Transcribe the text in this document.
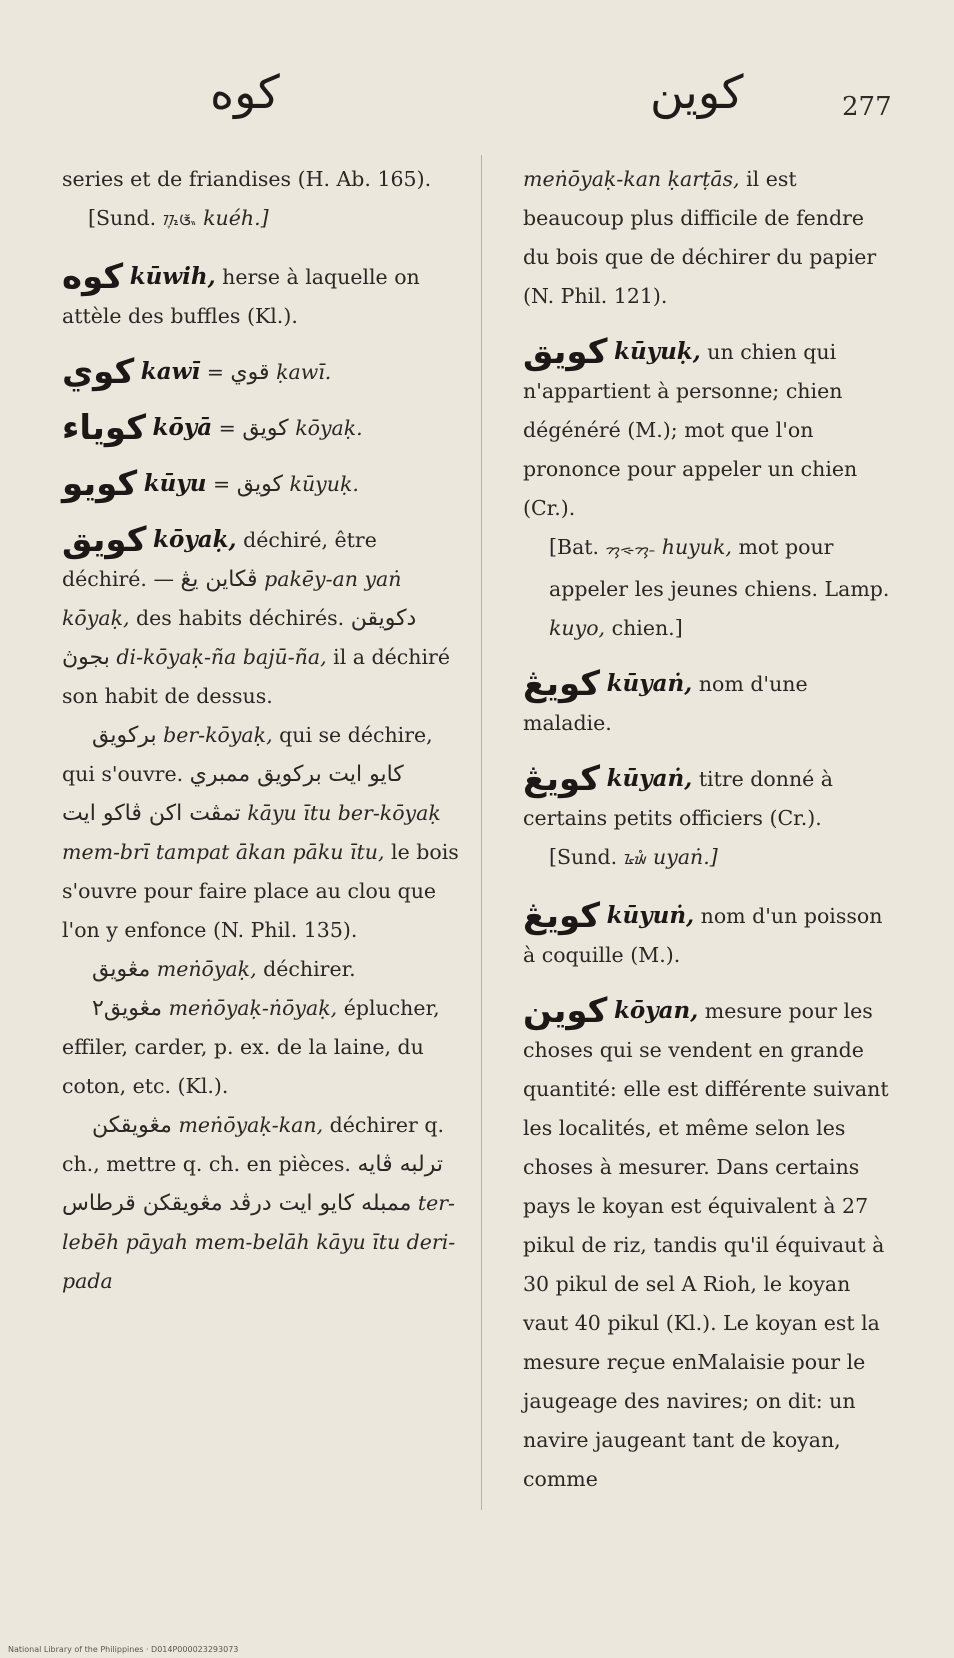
كوه	كوين	277

series et de friandises (H. Ab. 165).

[Sund. ᮊᮥᮉᮦᮂ kuéh.]

كوه kūwih, herse à laquelle on attèle des buffles (Kl.).

كوي kawī = قوي ḳawī.

كوياء kōyā = كويق kōyaḳ.

كويو kūyu = كويق kūyuḳ.

كويق kōyaḳ, déchiré, être déchiré. — ڤكاين يڠ pakēy-an yaṅ kōyaḳ, des habits déchirés. دكويقن بجوڽ di-kōyaḳ-ña bajū-ña, il a déchiré son habit de dessus.

بركويق ber-kōyaḳ, qui se déchire, qui s'ouvre.	كايو ايت بركويق ممبري تمڤت اكن ڤاكو ايت kāyu ītu ber-kōyaḳ mem-brī tampat ākan pāku ītu, le bois s'ouvre pour faire place au clou que l'on y enfonce (N. Phil. 135).

مڠويق meṅōyaḳ, déchirer.

مڠويق٢ meṅōyaḳ-ṅōyaḳ, éplucher, effiler, carder, p. ex. de la laine, du coton, etc. (Kl.).

مڠويقكن meṅōyaḳ-kan, déchirer q. ch., mettre q. ch. en pièces. ترلبه ڤايه ممبله كايو ايت درڤد مڠويقكن قرطاس	ter-lebēh pāyah mem-belāh kāyu ītu deri-pada

meṅōyaḳ-kan ḳarṭās, il est beaucoup plus difficile de fendre du bois que de déchirer du papier (N. Phil. 121).

كويق kūyuḳ, un chien qui n'appartient à personne; chien dégénéré (M.); mot que l'on prononce pour appeler un chien (Cr.).

[Bat. ᯂᯮᯐᯮᯂ᯳ huyuk, mot pour appeler les jeunes chiens. Lamp. kuyo, chien.]

كويڠ kūyaṅ, nom d'une maladie.

كويڠ kūyaṅ, titre donné à certains petits officiers (Cr.).

[Sund. ᮅᮚᮀ uyaṅ.]

كويڠ kūyuṅ, nom d'un poisson à coquille (M.).

كوين kōyan, mesure pour les choses qui se vendent en grande quantité: elle est différente suivant les localités, et même selon les choses à mesurer. Dans certains pays le koyan est équivalent à 27 pikul de riz, tandis qu'il équivaut à 30 pikul de sel A Rioh, le koyan vaut 40 pikul (Kl.). Le koyan est la mesure reçue enMalaisie pour le jaugeage des navires; on dit: un navire jaugeant tant de koyan, comme

National Library of the Philippines · D014P000023293073
